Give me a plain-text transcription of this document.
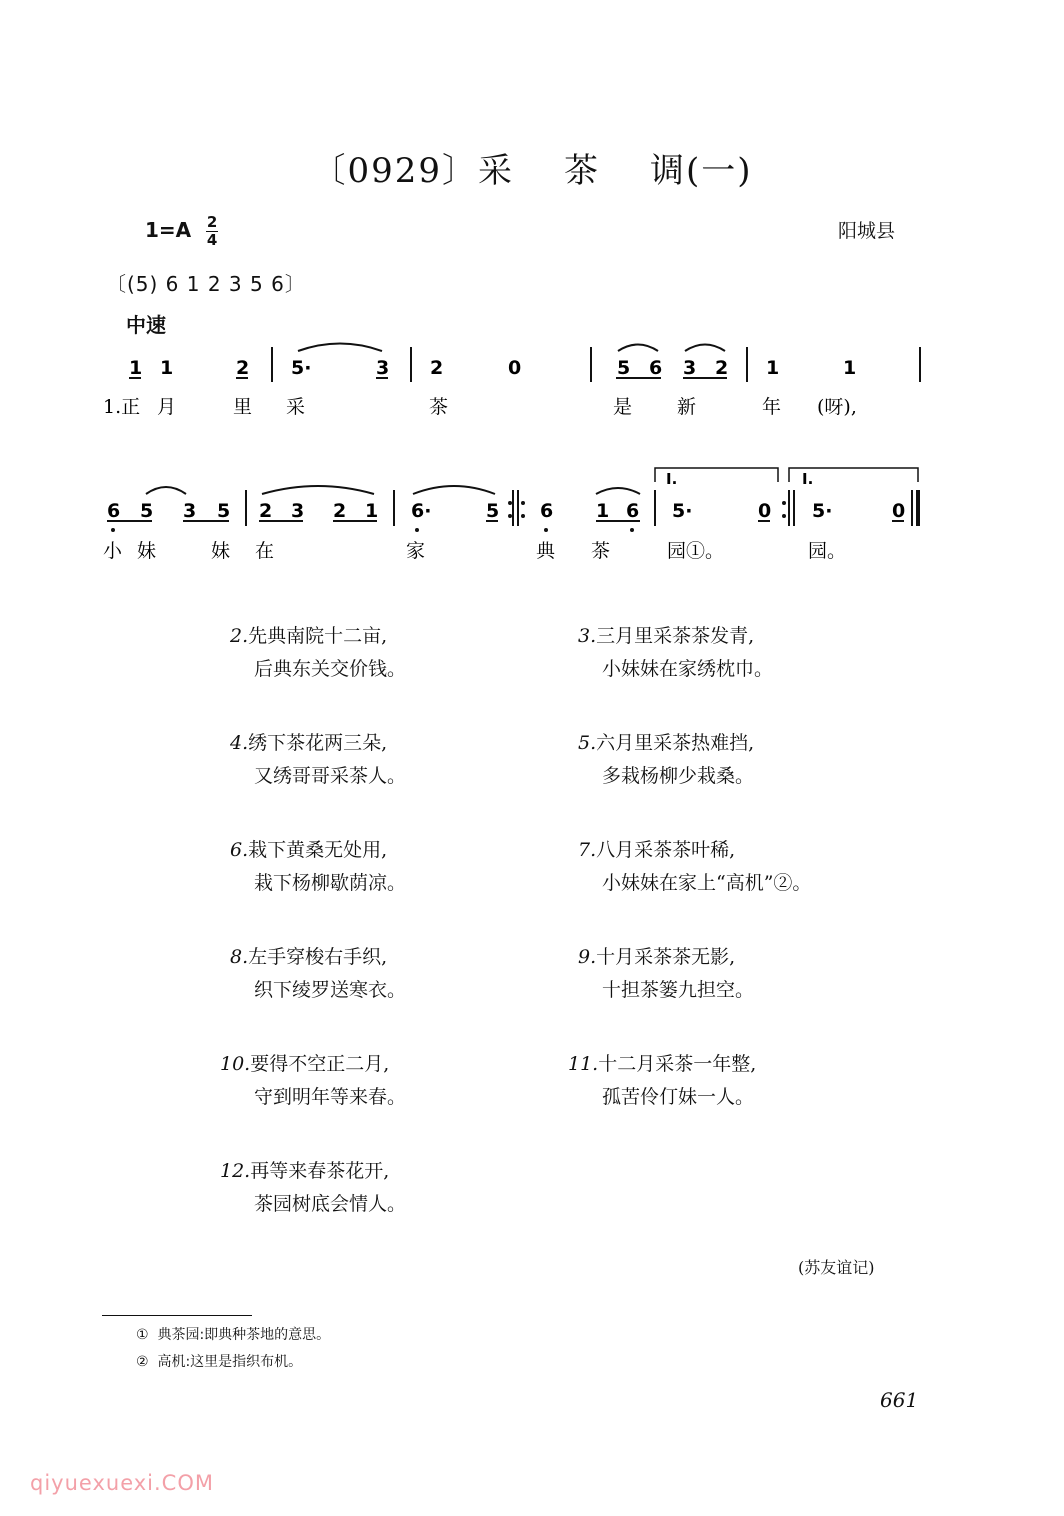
〔0929〕采 茶 调(一)
$1=A \frac{2}{4}$	阳城县
〔(5) 6 1 2 3 5 6〕
中速
1 1	2 5·	3 2	0	5 6 3 2 1	1
1.正 月	里 采	茶	是 新	年 (呀),
6 5 3 5 2 3 2 1 6·	5 6 1 6 5·	0 5·	0
I.	I.
小 妹	妹 在	家	典 茶	园①。	园。
2.先典南院十二亩,
后典东关交价钱。
3.三月里采茶茶发青,
小妹妹在家绣枕巾。
4.绣下茶花两三朵,
又绣哥哥采茶人。
5.六月里采茶热难挡,
多栽杨柳少栽桑。
6.栽下黄桑无处用,
栽下杨柳歇荫凉。
7.八月采茶茶叶稀,
小妹妹在家上“高机”②。
8.左手穿梭右手织,
织下绫罗送寒衣。
9.十月采茶茶无影,
十担茶篓九担空。
10.要得不空正二月,
守到明年等来春。
11.十二月采茶一年整,
孤苦伶仃妹一人。
12.再等来春茶花开,
茶园树底会情人。
(苏友谊记)
① 典茶园:即典种茶地的意思。
② 高机:这里是指织布机。
661
qiyuexuexi.COM
